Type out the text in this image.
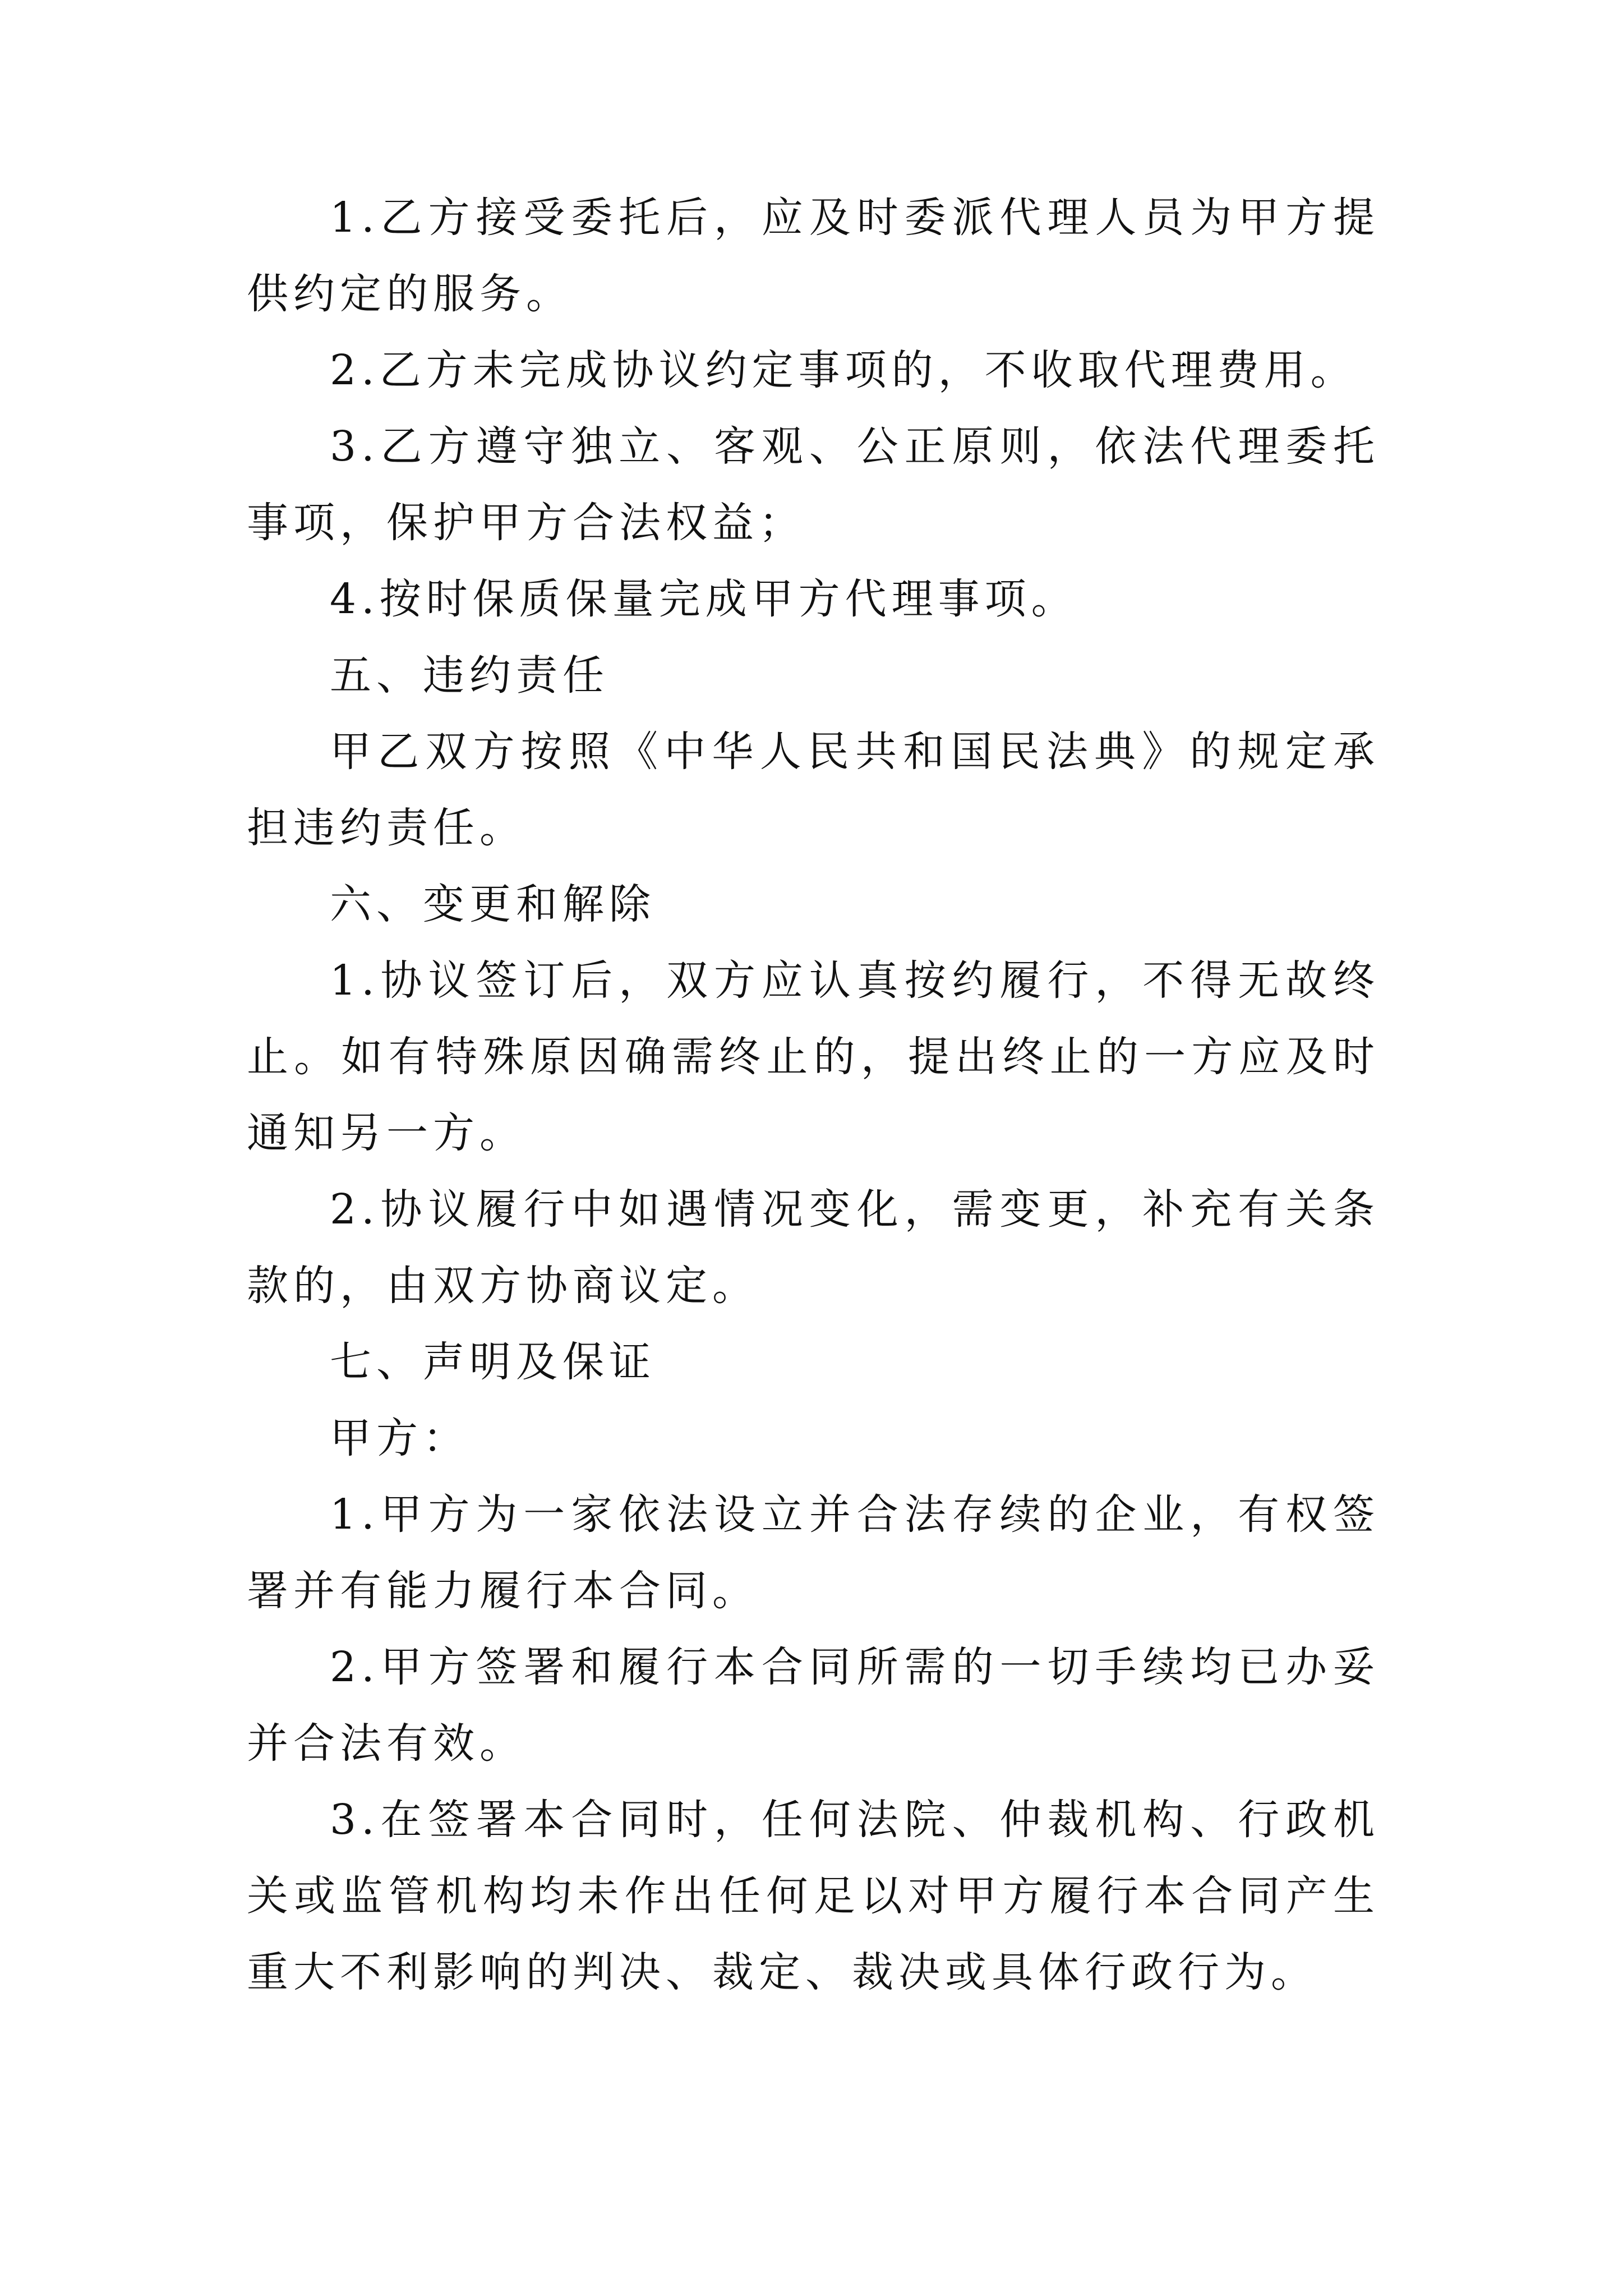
1.乙方接受委托后，应及时委派代理人员为甲方提供约定的服务。

2.乙方未完成协议约定事项的，不收取代理费用。

3.乙方遵守独立、客观、公正原则，依法代理委托事项，保护甲方合法权益；

4.按时保质保量完成甲方代理事项。

五、违约责任

甲乙双方按照《中华人民共和国民法典》的规定承担违约责任。

六、变更和解除

1.协议签订后，双方应认真按约履行，不得无故终止。如有特殊原因确需终止的，提出终止的一方应及时通知另一方。

2.协议履行中如遇情况变化，需变更，补充有关条款的，由双方协商议定。

七、声明及保证

甲方：

1.甲方为一家依法设立并合法存续的企业，有权签署并有能力履行本合同。

2.甲方签署和履行本合同所需的一切手续均已办妥并合法有效。

3.在签署本合同时，任何法院、仲裁机构、行政机关或监管机构均未作出任何足以对甲方履行本合同产生重大不利影响的判决、裁定、裁决或具体行政行为。
